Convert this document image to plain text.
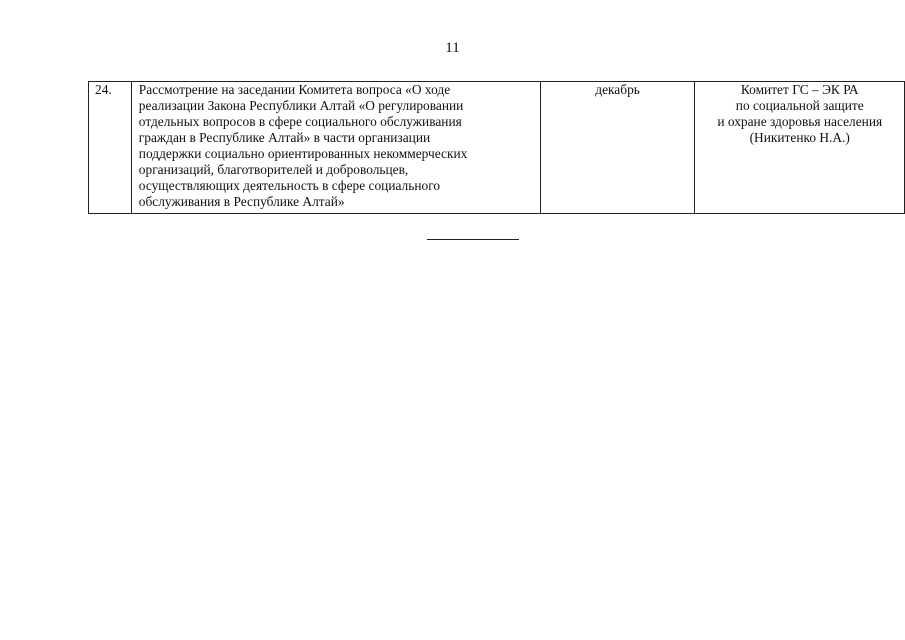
11
24.	Рассмотрение на заседании Комитета вопроса «О ходе
реализации Закона Республики Алтай «О регулировании
отдельных вопросов в сфере социального обслуживания
граждан в Республике Алтай» в части организации
поддержки социально ориентированных некоммерческих
организаций, благотворителей и добровольцев,
осуществляющих деятельность в сфере социального
обслуживания в Республике Алтай»	декабрь	Комитет ГС – ЭК РА
по социальной защите
и охране здоровья населения
(Никитенко Н.А.)
